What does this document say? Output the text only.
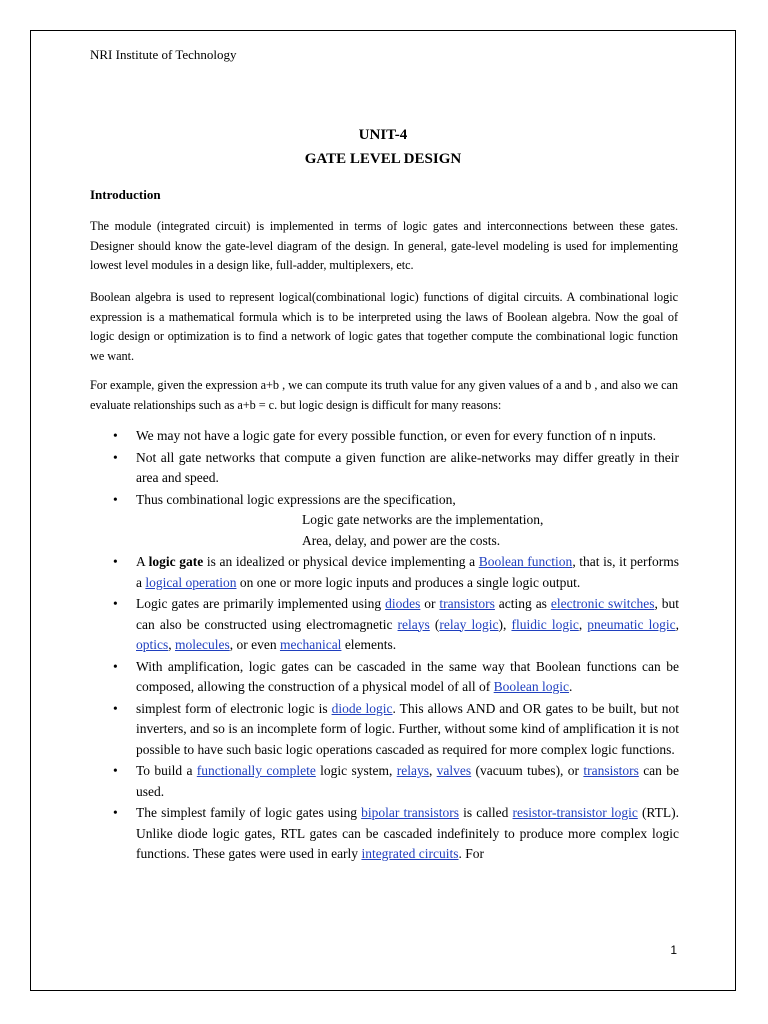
NRI Institute of Technology
UNIT-4
GATE LEVEL DESIGN
Introduction
The module (integrated circuit) is implemented in terms of logic gates and interconnections between these gates. Designer should know the gate-level diagram of the design. In general, gate-level modeling is used for implementing lowest level modules in a design like, full-adder, multiplexers, etc.
Boolean algebra is used to represent logical(combinational logic) functions of digital circuits. A combinational logic expression is a mathematical formula which is to be interpreted using the laws of Boolean algebra. Now the goal of logic design or optimization is to find a network of logic gates that together compute the combinational logic function we want.
For example, given the expression a+b , we can compute its truth value for any given values of a and b , and also we can evaluate relationships such as a+b = c. but logic design is difficult for many reasons:
• We may not have a logic gate for every possible function, or even for every function of n inputs.
• Not all gate networks that compute a given function are alike-networks may differ greatly in their area and speed.
• Thus combinational logic expressions are the specification,
Logic gate networks are the implementation,
Area, delay, and power are the costs.
• A logic gate is an idealized or physical device implementing a Boolean function, that is, it performs a logical operation on one or more logic inputs and produces a single logic output.
• Logic gates are primarily implemented using diodes or transistors acting as electronic switches, but can also be constructed using electromagnetic relays (relay logic), fluidic logic, pneumatic logic, optics, molecules, or even mechanical elements.
• With amplification, logic gates can be cascaded in the same way that Boolean functions can be composed, allowing the construction of a physical model of all of Boolean logic.
• simplest form of electronic logic is diode logic. This allows AND and OR gates to be built, but not inverters, and so is an incomplete form of logic. Further, without some kind of amplification it is not possible to have such basic logic operations cascaded as required for more complex logic functions.
• To build a functionally complete logic system, relays, valves (vacuum tubes), or transistors can be used.
• The simplest family of logic gates using bipolar transistors is called resistor-transistor logic (RTL). Unlike diode logic gates, RTL gates can be cascaded indefinitely to produce more complex logic functions. These gates were used in early integrated circuits. For
1
